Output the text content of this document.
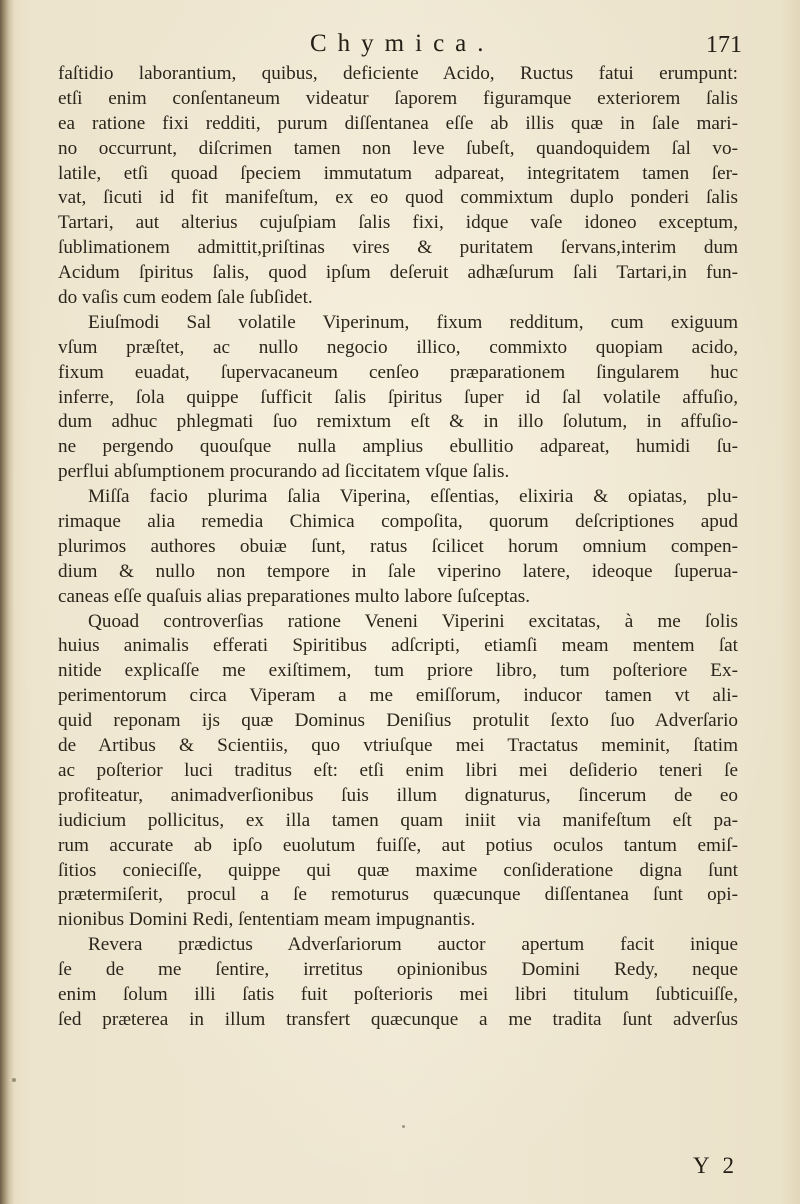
Chymica.	171
faſtidio laborantium, quibus, deficiente Acido, Ructus fatui erumpunt:
etſi enim conſentaneum videatur ſaporem figuramque exteriorem ſalis
ea ratione fixi redditi, purum diſſentanea eſſe ab illis quæ in ſale mari-
no occurrunt, diſcrimen tamen non leve ſubeſt, quandoquidem ſal vo-
latile, etſi quoad ſpeciem immutatum adpareat, integritatem tamen ſer-
vat, ſicuti id fit manifeſtum, ex eo quod commixtum duplo ponderi ſalis
Tartari, aut alterius cujuſpiam ſalis fixi, idque vaſe idoneo exceptum,
ſublimationem admittit,priſtinas vires & puritatem ſervans,interim dum
Acidum ſpiritus ſalis, quod ipſum deſeruit adhæſurum ſali Tartari,in fun-
do vaſis cum eodem ſale ſubſidet.
Eiuſmodi Sal volatile Viperinum, fixum redditum, cum exiguum
vſum præſtet, ac nullo negocio illico, commixto quopiam acido,
fixum euadat, ſupervacaneum cenſeo præparationem ſingularem huc
inferre, ſola quippe ſufficit ſalis ſpiritus ſuper id ſal volatile affuſio,
dum adhuc phlegmati ſuo remixtum eſt & in illo ſolutum, in affuſio-
ne pergendo quouſque nulla amplius ebullitio adpareat, humidi ſu-
perflui abſumptionem procurando ad ſiccitatem vſque ſalis.
Miſſa facio plurima ſalia Viperina, eſſentias, elixiria & opiatas, plu-
rimaque alia remedia Chimica compoſita, quorum deſcriptiones apud
plurimos authores obuiæ ſunt, ratus ſcilicet horum omnium compen-
dium & nullo non tempore in ſale viperino latere, ideoque ſuperua-
caneas eſſe quaſuis alias preparationes multo labore ſuſceptas.
Quoad controverſias ratione Veneni Viperini excitatas, à me ſolis
huius animalis efferati Spiritibus adſcripti, etiamſi meam mentem ſat
nitide explicaſſe me exiſtimem, tum priore libro, tum poſteriore Ex-
perimentorum circa Viperam a me emiſſorum, inducor tamen vt ali-
quid reponam ijs quæ Dominus Deniſius protulit ſexto ſuo Adverſario
de Artibus & Scientiis, quo vtriuſque mei Tractatus meminit, ſtatim
ac poſterior luci traditus eſt: etſi enim libri mei deſiderio teneri ſe
profiteatur, animadverſionibus ſuis illum dignaturus, ſincerum de eo
iudicium pollicitus, ex illa tamen quam iniit via manifeſtum eſt pa-
rum accurate ab ipſo euolutum fuiſſe, aut potius oculos tantum emiſ-
ſitios conieciſſe, quippe qui quæ maxime conſideratione digna ſunt
prætermiſerit, procul a ſe remoturus quæcunque diſſentanea ſunt opi-
nionibus Domini Redi, ſententiam meam impugnantis.
Revera prædictus Adverſariorum auctor apertum facit inique
ſe de me ſentire, irretitus opinionibus Domini Redy, neque
enim ſolum illi ſatis fuit poſterioris mei libri titulum ſubticuiſſe,
ſed præterea in illum transfert quæcunque a me tradita ſunt adverſus
Y 2
